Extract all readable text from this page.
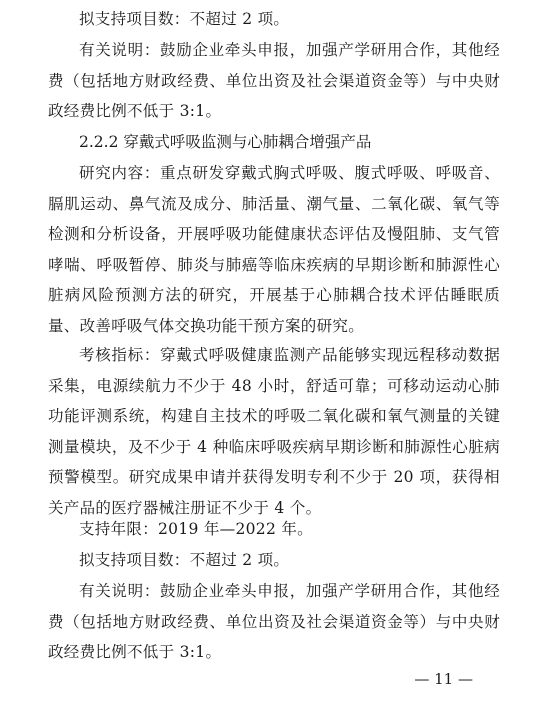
拟支持项目数：不超过 2 项。

有关说明：鼓励企业牵头申报，加强产学研用合作，其他经费（包括地方财政经费、单位出资及社会渠道资金等）与中央财政经费比例不低于 3:1。

2.2.2 穿戴式呼吸监测与心肺耦合增强产品

研究内容：重点研发穿戴式胸式呼吸、腹式呼吸、呼吸音、膈肌运动、鼻气流及成分、肺活量、潮气量、二氧化碳、氧气等检测和分析设备，开展呼吸功能健康状态评估及慢阻肺、支气管哮喘、呼吸暂停、肺炎与肺癌等临床疾病的早期诊断和肺源性心脏病风险预测方法的研究，开展基于心肺耦合技术评估睡眠质量、改善呼吸气体交换功能干预方案的研究。

考核指标：穿戴式呼吸健康监测产品能够实现远程移动数据采集，电源续航力不少于 48 小时，舒适可靠；可移动运动心肺功能评测系统，构建自主技术的呼吸二氧化碳和氧气测量的关键测量模块，及不少于 4 种临床呼吸疾病早期诊断和肺源性心脏病预警模型。研究成果申请并获得发明专利不少于 20 项，获得相关产品的医疗器械注册证不少于 4 个。

支持年限：2019 年—2022 年。

拟支持项目数：不超过 2 项。

有关说明：鼓励企业牵头申报，加强产学研用合作，其他经费（包括地方财政经费、单位出资及社会渠道资金等）与中央财政经费比例不低于 3:1。

— 11 —
